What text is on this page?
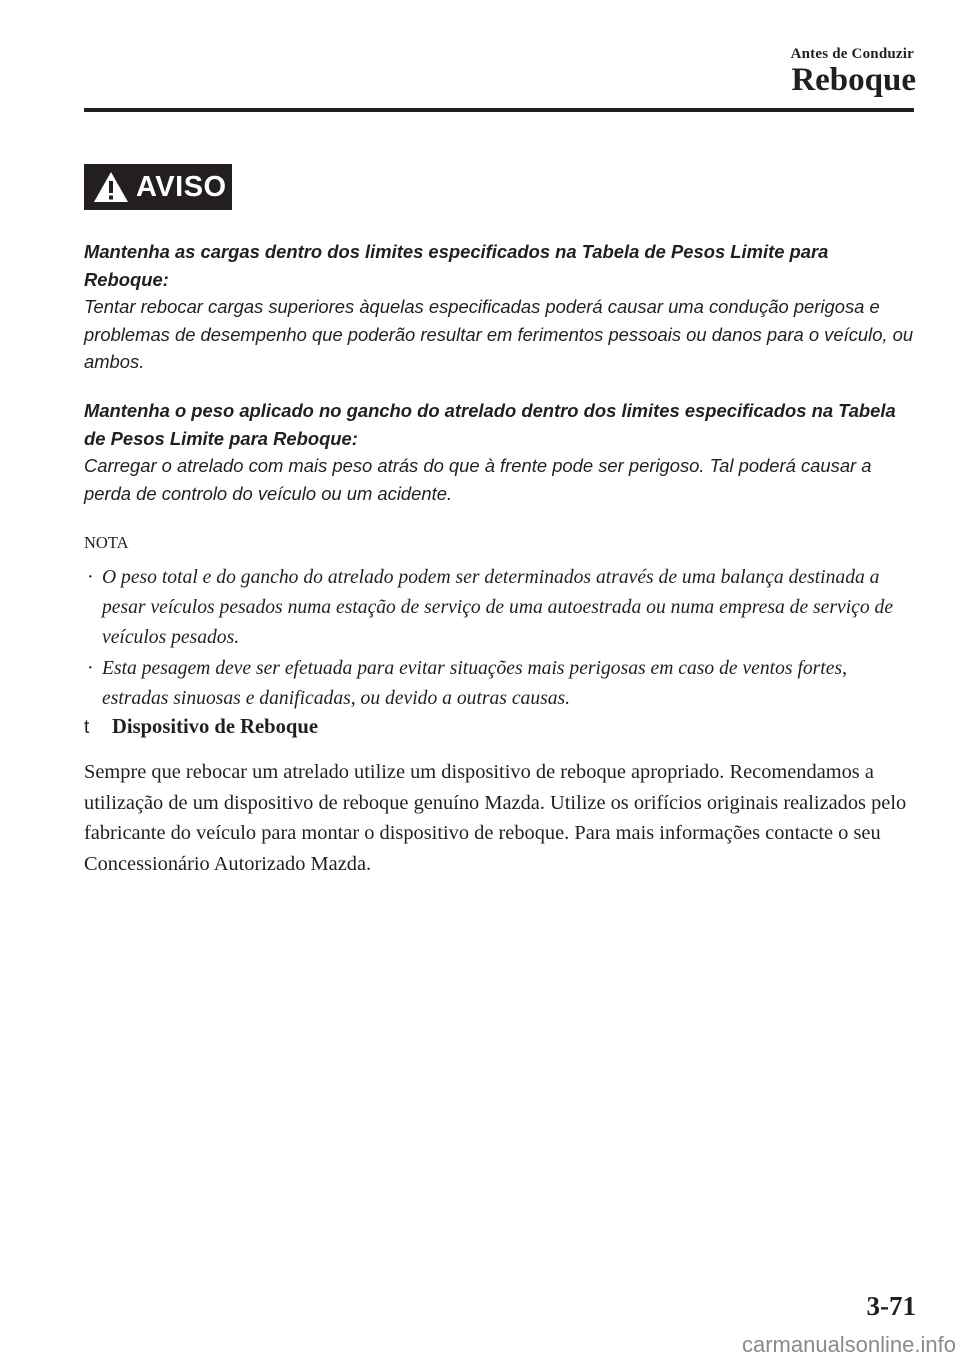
Antes de Conduzir
Reboque
AVISO
Mantenha as cargas dentro dos limites especificados na Tabela de Pesos Limite para Reboque:
Tentar rebocar cargas superiores àquelas especificadas poderá causar uma condução perigosa e problemas de desempenho que poderão resultar em ferimentos pessoais ou danos para o veículo, ou ambos.
Mantenha o peso aplicado no gancho do atrelado dentro dos limites especificados na Tabela de Pesos Limite para Reboque:
Carregar o atrelado com mais peso atrás do que à frente pode ser perigoso. Tal poderá causar a perda de controlo do veículo ou um acidente.
NOTA
· O peso total e do gancho do atrelado podem ser determinados através de uma balança destinada a pesar veículos pesados numa estação de serviço de uma autoestrada ou numa empresa de serviço de veículos pesados.
· Esta pesagem deve ser efetuada para evitar situações mais perigosas em caso de ventos fortes, estradas sinuosas e danificadas, ou devido a outras causas.
t	Dispositivo de Reboque

Sempre que rebocar um atrelado utilize um dispositivo de reboque apropriado. Recomendamos a utilização de um dispositivo de reboque genuíno Mazda. Utilize os orifícios originais realizados pelo fabricante do veículo para montar o dispositivo de reboque. Para mais informações contacte o seu Concessionário Autorizado Mazda.

3-71
carmanualsonline.info
